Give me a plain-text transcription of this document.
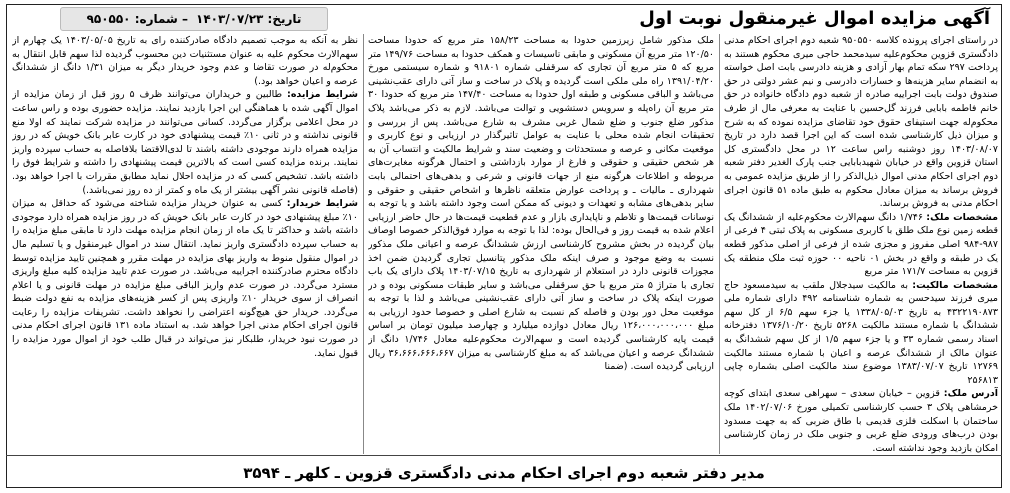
آگهی مزایده اموال غیرمنقول نوبت اول
تاریخ: ۱۴۰۳/۰۷/۲۳
– شماره: ۹۵۰۵۵۰

در راستای اجرای پرونده کلاسه ۹۵۰۵۵۰ شعبه دوم اجرای احکام مدنی دادگستری قزوین محکوم‌علیه سیدمحمد حاجی میری محکوم هستند به پرداخت ۲۹۷ سکه تمام بهار آزادی و هزینه دادرسی بابت اصل خواسته به انضمام سایر هزینه‌ها و خسارات دادرسی و نیم عشر دولتی در حق صندوق دولت بابت اجراییه صادره از شعبه دوم دادگاه خانواده در حق خانم فاطمه بابایی فرزند گل‌حسین با عنایت به معرفی مال از طرف محکوم‌له جهت استیفای حقوق خود تقاضای مزایده نموده که به شرح و میزان ذیل کارشناسی شده است که این اجرا قصد دارد در تاریخ ۱۴۰۳/۰۸/۰۷ روز دوشنبه راس ساعت ۱۲ در محل دادگستری کل استان قزوین واقع در خیابان شهیدبابایی جنب پارک الغدیر دفتر شعبه دوم اجرای احکام مدنی اموال ذیل‌الذکر را از طریق مزایده عمومی به فروش برساند به میزان معادل محکوم به طبق ماده ۵۱ قانون اجرای احکام مدنی به فروش برساند.

مشخصات ملک: ۱/۷۴۶ دانگ سهم‌الارث محکوم‌علیه از ششدانگ یک قطعه زمین نوع ملک طلق با کاربری مسکونی به پلاک ثبتی ۴ فرعی از ۹۸۷-۹۸۴ اصلی مفروز و مجزی شده از فرعی از اصلی مذکور قطعه یک در طبقه و واقع در بخش ۰۱ ناحیه ۰۰ حوزه ثبت ملک منطقه یک قزوین به مساحت ۱۷۱/۷ متر مربع

مشخصات مالکیت: به مالکیت سیدجلال ملقب به سیدمسعود حاج میری فرزند سیدحسن به شماره شناسنامه ۴۹۲ دارای شماره ملی ۴۳۲۲۱۹۰۸۷۳ به تاریخ ۱۳۳۸/۰۵/۰۳ یا جزء سهم ۶/۵ از کل سهم ششدانگ با شماره مستند مالکیت ۵۲۶۸ تاریخ ۱۳۷۶/۱۰/۲۰ دفترخانه اسناد رسمی شماره ۳۳ و یا جزء سهم ۱/۵ از کل سهم ششدانگ به عنوان مالک از ششدانگ عرصه و اعیان با شماره مستند مالکیت ۱۲۷۶۹ تاریخ ۱۳۸۳/۰۷/۰۷ موضوع سند مالکیت اصلی بشماره چاپی ۲۵۶۸۱۳

آدرس ملک: قزوین – خیابان سعدی – سهراهی سعدی ابتدای کوچه خرمشاهی پلاک ۳ حسب کارشناسی تکمیلی مورخ ۱۴۰۲/۰۷/۰۶ ملک ساختمان با اسکلت فلزی قدیمی با طاق ضربی که به جهت مسدود بودن درب‌های ورودی ضلع غربی و جنوبی ملک در زمان کارشناسی امکان بازدید وجود نداشته است.

ملک مذکور شامل زیرزمین حدودا به مساحت ۱۵۸/۲۳ متر مربع که حدودا مساحت ۱۲۰/۵۰ متر مربع آن مسکونی و مابقی تاسیسات و همکف حدودا به مساحت ۱۴۹/۷۶ متر مربع که ۵ متر مربع آن تجاری که سرقفلی شماره ۹۱۸۰۱ و شماره سیستمی مورخ ۱۳۹۱/۰۴/۲۰ راه ملی ملکی است گردیده و پلاک در ساخت و ساز آتی دارای عقب‌نشینی می‌باشد و الباقی مسکونی و طبقه اول حدودا به مساحت ۱۴۷/۴۰ متر مربع که حدودا ۳۰ متر مربع آن راه‌پله و سرویس دستشویی و توالت می‌باشد. لازم به ذکر می‌باشد پلاک مذکور ضلع جنوب و ضلع شمال غربی مشرف به شارع می‌باشد. پس از بررسی و تحقیقات انجام شده محلی با عنایت به عوامل تاثیرگذار در ارزیابی و نوع کاربری و موقعیت مکانی و عرصه و مستحدثات و وضعیت سند و شرایط مالکیت و انتساب آن به هر شخص حقیقی و حقوقی و فارغ از موارد بازداشتی و احتمال هرگونه مغایرت‌های مربوطه و اطلاعات هرگونه منع از جهات قانونی و شرعی و بدهی‌های احتمالی بابت شهرداری ـ مالیات ـ و پرداخت عوارض متعلقه ناظرها و اشخاص حقیقی و حقوقی و سایر بدهی‌های مشابه و تعهدات و دیونی که ممکن است وجود داشته باشد و یا توجه به نوسانات قیمت‌ها و تلاطم و ناپایداری بازار و عدم قطعیت قیمت‌ها در حال حاضر ارزیابی اعلام شده به قیمت روز و فی‌الحال بوده: لذا با توجه به موارد فوق‌الذکر خصوصا اوصاف بیان گردیده در بخش مشروح کارشناسی ارزش ششدانگ عرصه و اعیانی ملک مذکور نسبت به وضع موجود و صرف اینکه ملک مذکور پتانسیل تجاری گردیدن ضمن اخذ مجوزات قانونی دارد در استعلام از شهرداری به تاریخ ۱۴۰۳/۰۷/۱۵ پلاک دارای یک باب تجاری با متراژ ۵ متر مربع با حق سرقفلی می‌باشد و سایر طبقات مسکونی بوده و در صورت اینکه پلاک در ساخت و ساز آتی دارای عقب‌نشینی می‌باشد و لذا با توجه به موقعیت محل دور بودن و فاصله کم نسبت به شارع اصلی و خصوصا حدود ارزیابی به مبلغ ۱۲۶،۰۰۰،۰۰۰،۰۰۰ ریال معادل دوازده میلیارد و چهارصد میلیون تومان بر اساس قیمت پایه کارشناسی گردیده است و سهم‌الارث محکوم‌علیه معادل ۱/۷۴۶ دانگ از ششدانگ عرصه و اعیان می‌باشد که به مبلغ کارشناسی به میزان ۳۶،۶۶۶،۶۶۶،۶۶۷ ریال ارزیابی گردیده است. (ضمنا

نظر به آنکه به موجب تصمیم دادگاه صادرکننده رای به تاریخ ۱۴۰۳/۰۵/۰۵ یک چهارم از سهم‌الارث محکوم علیه به عنوان مستثنیات دین محسوب گردیده لذا سهم قابل انتقال به محکوم‌له در صورت تقاضا و عدم وجود خریدار دیگر به میزان ۱/۳۱ دانگ از ششدانگ عرصه و اعیان خواهد بود.)

شرایط مزایده: طالبین و خریداران می‌توانند ظرف ۵ روز قبل از زمان مزایده از اموال آگهی شده با هماهنگی این اجرا بازدید نمایند. مزایده حضوری بوده و راس ساعت در محل اعلامی برگزار می‌گردد. کسانی می‌توانند در مزایده شرکت نمایند که اولا منع قانونی نداشته و در ثانی ۱۰٪ قیمت پیشنهادی خود در کارت عابر بانک خویش که در روز مزایده همراه دارند موجودی داشته باشند تا لدی‌الاقتضا بلافاصله به حساب سپرده واریز نمایند. برنده مزایده کسی است که بالاترین قیمت پیشنهادی را داشته و شرایط فوق را داشته باشد. تشخیص کسی که در مزایده احلال نماید مطابق مقررات با اجرا خواهد بود. (فاصله قانونی نشر آگهی بیشتر از یک ماه و کمتر از ده روز نمی‌باشد.)

شرایط خریدار: کسی به عنوان خریدار مزایده شناخته می‌شود که حداقل به میزان ۱۰٪ مبلغ پیشنهادی خود در کارت عابر بانک خویش که در روز مزایده همراه دارد موجودی داشته باشد و حداکثر تا یک ماه از زمان انجام مزایده مهلت دارد تا مابقی مبلغ مزایده را به حساب سپرده دادگستری واریز نماید. انتقال سند در اموال غیرمنقول و یا تسلیم مال در اموال منقول منوط به واریز بهای مزایده در مهلت مقرر و همچنین تایید مزایده توسط دادگاه محترم صادرکننده اجراییه می‌باشد. در صورت عدم تایید مزایده کلیه مبلغ واریزی مسترد می‌گردد. در صورت عدم واریز الباقی مبلغ مزایده در مهلت قانونی و یا اعلام انصراف از سوی خریدار ۱۰٪ واریزی پس از کسر هزینه‌های مزایده به نفع دولت ضبط می‌گردد. خریدار حق هیچ‌گونه اعتراضی را نخواهد داشت. تشریفات مزایده را رعایت قانون اجرای احکام مدنی اجرا خواهد شد. به استناد ماده ۱۳۱ قانون اجرای احکام مدنی در صورت نبود خریدار، طلبکار نیز می‌تواند در قبال طلب خود از اموال مورد مزایده را قبول نماید.

مدیر دفتر شعبه دوم اجرای احکام مدنی دادگستری قزوین ـ کلهر ـ ۳۵۹۴
